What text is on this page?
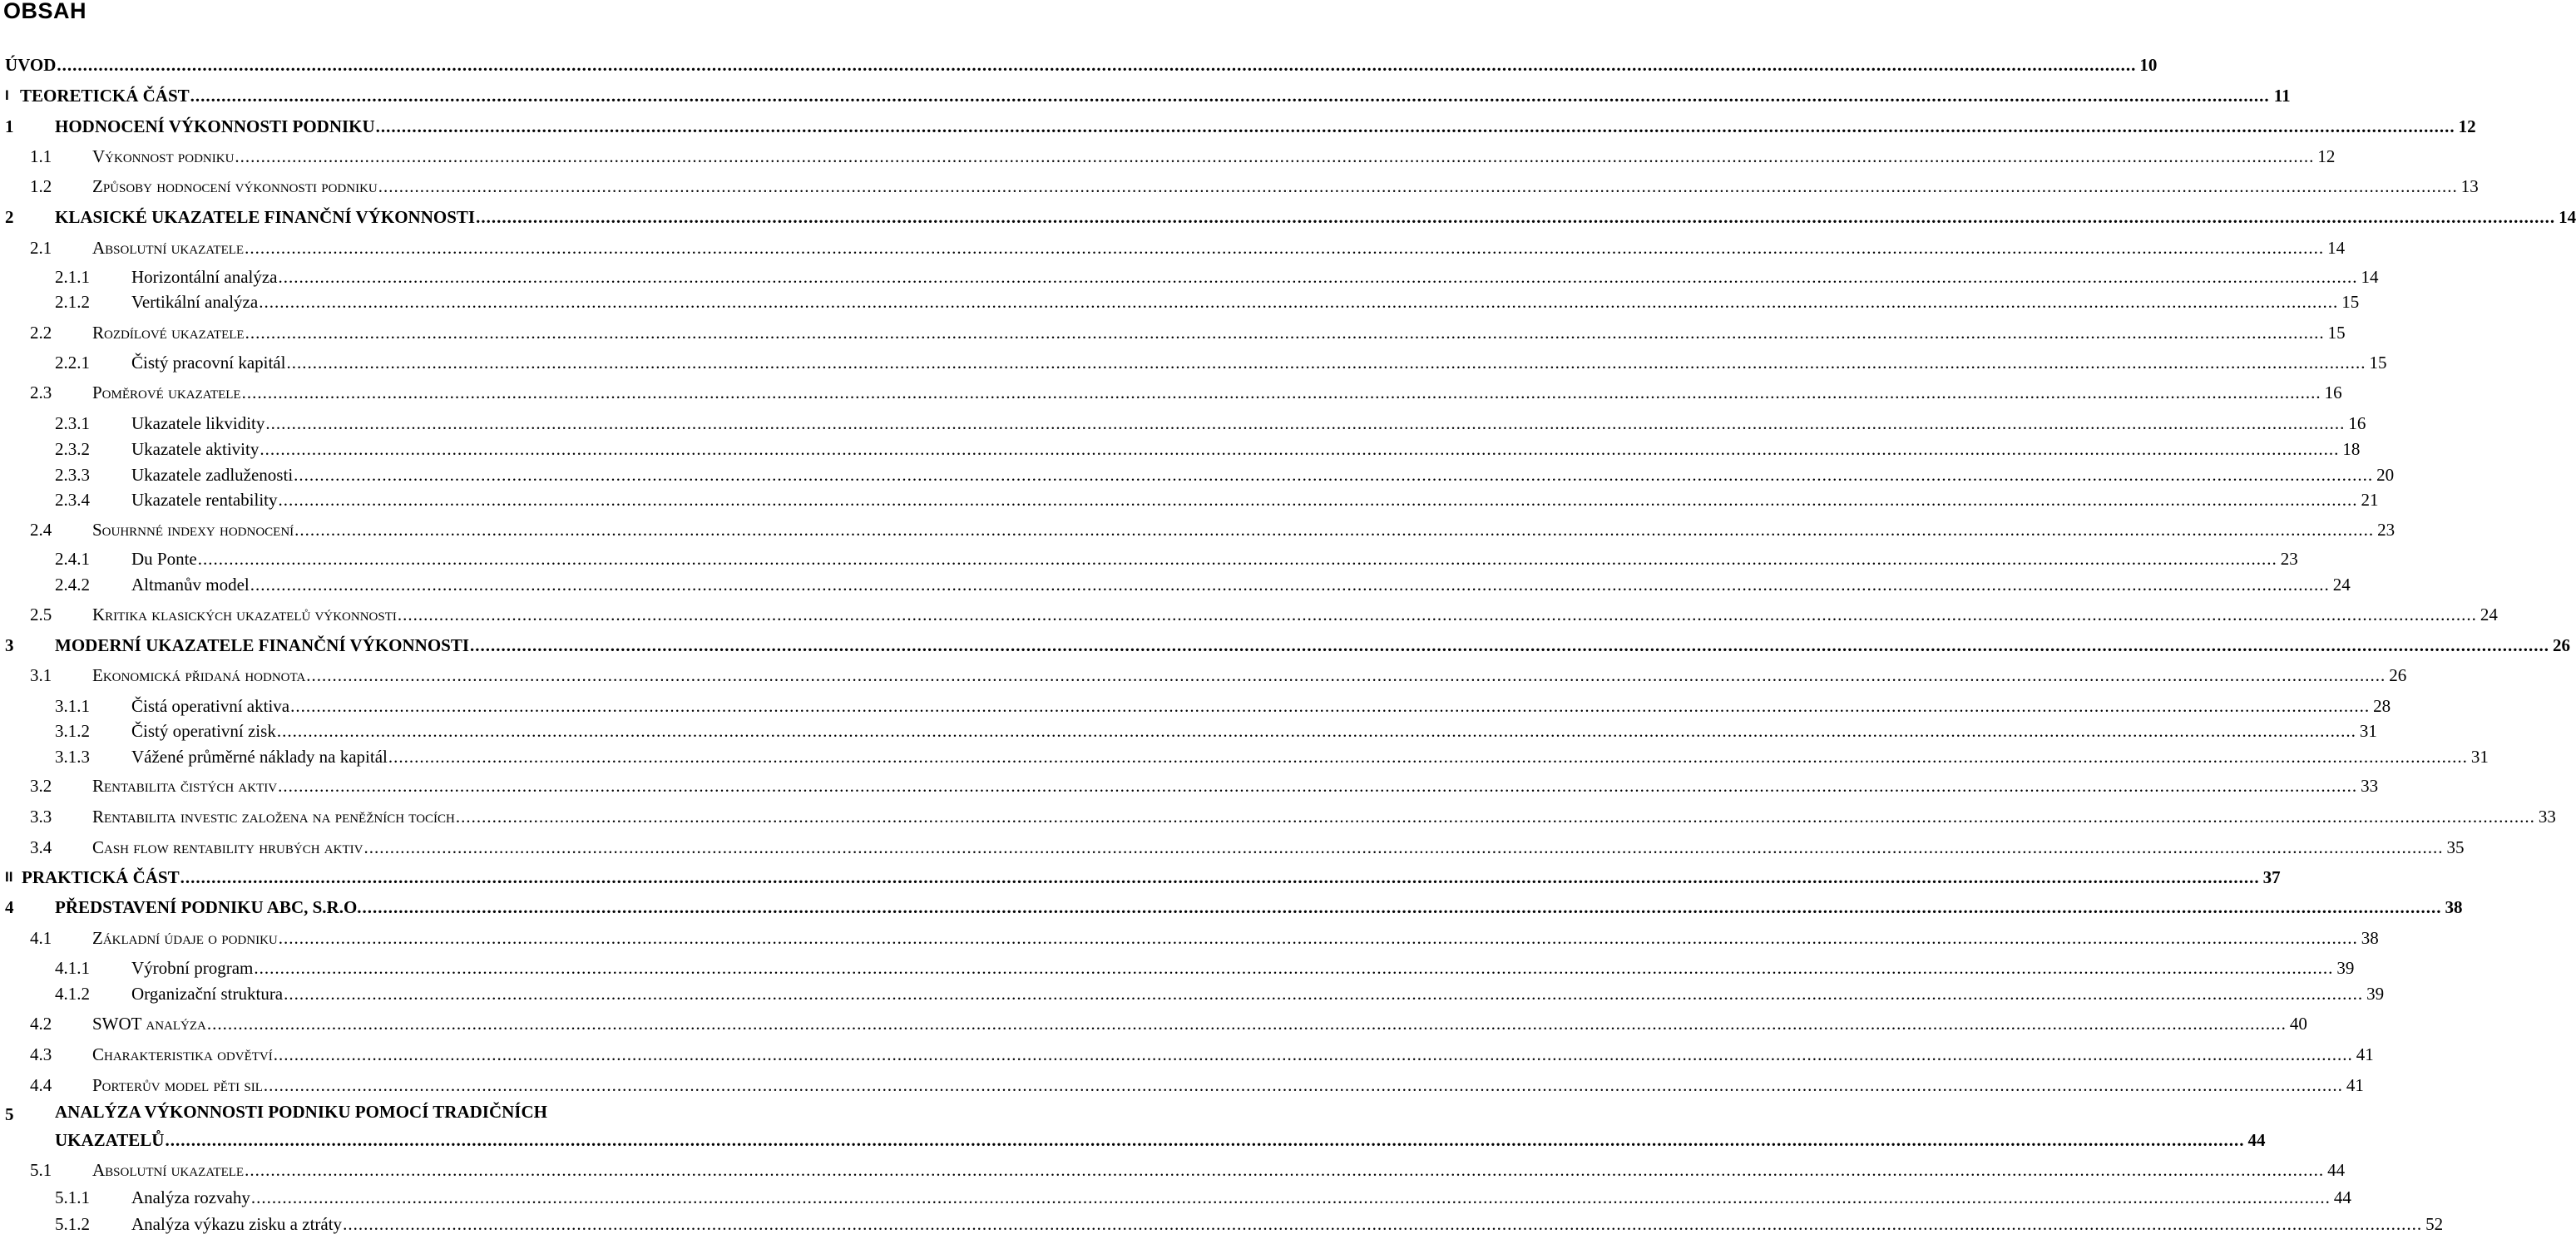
OBSAH
ÚVOD ................................................................................................................................................................................................................................................................................................................................................................................................................ 10
I TEORETICKÁ ČÁST ................................................................................................................................................................................................................................................................................................................................................................................................................ 11
1 HODNOCENÍ VÝKONNOSTI PODNIKU ................................................................................................................................................................................................................................................................................................................................................................................................................ 12
1.1 Výkonnost podniku ................................................................................................................................................................................................................................................................................................................................................................................................................ 12
1.2 Způsoby hodnocení výkonnosti podniku ................................................................................................................................................................................................................................................................................................................................................................................................................ 13
2 KLASICKÉ UKAZATELE FINANČNÍ VÝKONNOSTI ................................................................................................................................................................................................................................................................................................................................................................................................................ 14
2.1 Absolutní ukazatele ................................................................................................................................................................................................................................................................................................................................................................................................................ 14
2.1.1 Horizontální analýza ................................................................................................................................................................................................................................................................................................................................................................................................................ 14
2.1.2 Vertikální analýza ................................................................................................................................................................................................................................................................................................................................................................................................................ 15
2.2 Rozdílové ukazatele ................................................................................................................................................................................................................................................................................................................................................................................................................ 15
2.2.1 Čistý pracovní kapitál ................................................................................................................................................................................................................................................................................................................................................................................................................ 15
2.3 Poměrové ukazatele ................................................................................................................................................................................................................................................................................................................................................................................................................ 16
2.3.1 Ukazatele likvidity ................................................................................................................................................................................................................................................................................................................................................................................................................ 16
2.3.2 Ukazatele aktivity ................................................................................................................................................................................................................................................................................................................................................................................................................ 18
2.3.3 Ukazatele zadluženosti ................................................................................................................................................................................................................................................................................................................................................................................................................ 20
2.3.4 Ukazatele rentability ................................................................................................................................................................................................................................................................................................................................................................................................................ 21
2.4 Souhrnné indexy hodnocení ................................................................................................................................................................................................................................................................................................................................................................................................................ 23
2.4.1 Du Ponte ................................................................................................................................................................................................................................................................................................................................................................................................................ 23
2.4.2 Altmanův model ................................................................................................................................................................................................................................................................................................................................................................................................................ 24
2.5 Kritika klasických ukazatelů výkonnosti ................................................................................................................................................................................................................................................................................................................................................................................................................ 24
3 MODERNÍ UKAZATELE FINANČNÍ VÝKONNOSTI ................................................................................................................................................................................................................................................................................................................................................................................................................ 26
3.1 Ekonomická přidaná hodnota ................................................................................................................................................................................................................................................................................................................................................................................................................ 26
3.1.1 Čistá operativní aktiva ................................................................................................................................................................................................................................................................................................................................................................................................................ 28
3.1.2 Čistý operativní zisk ................................................................................................................................................................................................................................................................................................................................................................................................................ 31
3.1.3 Vážené průměrné náklady na kapitál ................................................................................................................................................................................................................................................................................................................................................................................................................ 31
3.2 Rentabilita čistých aktiv ................................................................................................................................................................................................................................................................................................................................................................................................................ 33
3.3 Rentabilita investic založena na peněžních tocích ................................................................................................................................................................................................................................................................................................................................................................................................................ 33
3.4 Cash flow rentability hrubých aktiv ................................................................................................................................................................................................................................................................................................................................................................................................................ 35
II PRAKTICKÁ ČÁST ................................................................................................................................................................................................................................................................................................................................................................................................................ 37
4 PŘEDSTAVENÍ PODNIKU ABC, S.R.O. ................................................................................................................................................................................................................................................................................................................................................................................................................ 38
4.1 Základní údaje o podniku ................................................................................................................................................................................................................................................................................................................................................................................................................ 38
4.1.1 Výrobní program ................................................................................................................................................................................................................................................................................................................................................................................................................ 39
4.1.2 Organizační struktura ................................................................................................................................................................................................................................................................................................................................................................................................................ 39
4.2 SWOT analýza ................................................................................................................................................................................................................................................................................................................................................................................................................ 40
4.3 Charakteristika odvětví ................................................................................................................................................................................................................................................................................................................................................................................................................ 41
4.4 Porterův model pěti sil ................................................................................................................................................................................................................................................................................................................................................................................................................ 41
5 ANALÝZA VÝKONNOSTI PODNIKU POMOCÍ TRADIČNÍCH
UKAZATELŮ ................................................................................................................................................................................................................................................................................................................................................................................................................ 44
5.1 Absolutní ukazatele ................................................................................................................................................................................................................................................................................................................................................................................................................ 44
5.1.1 Analýza rozvahy ................................................................................................................................................................................................................................................................................................................................................................................................................ 44
5.1.2 Analýza výkazu zisku a ztráty ................................................................................................................................................................................................................................................................................................................................................................................................................ 52
